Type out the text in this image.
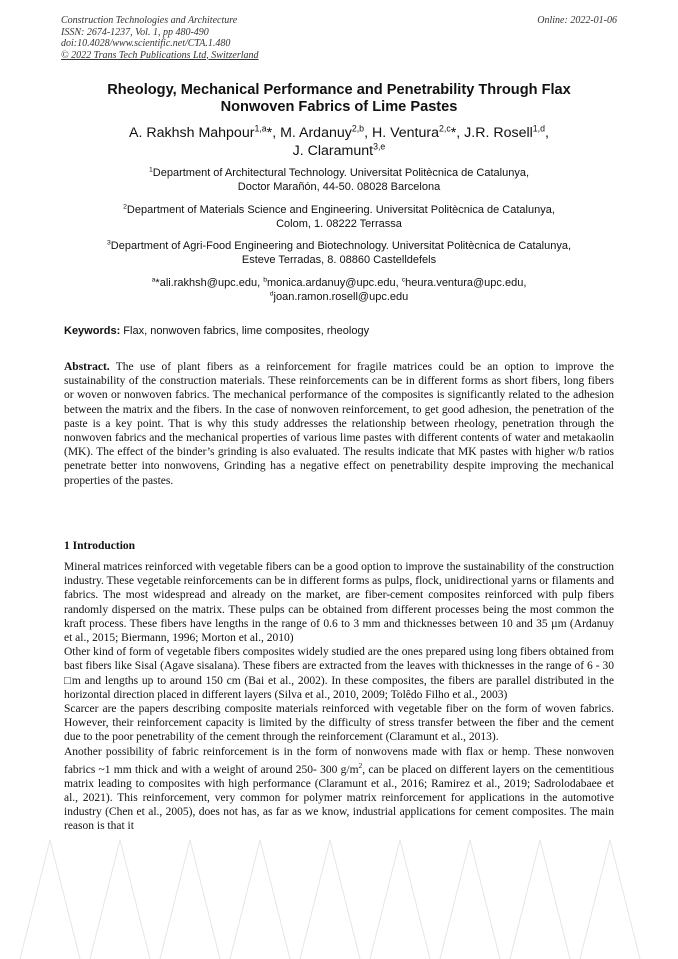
Construction Technologies and Architecture
ISSN: 2674-1237, Vol. 1, pp 480-490
doi:10.4028/www.scientific.net/CTA.1.480
© 2022 Trans Tech Publications Ltd, Switzerland
Online: 2022-01-06
Rheology, Mechanical Performance and Penetrability Through Flax
Nonwoven Fabrics of Lime Pastes
A. Rakhsh Mahpour$^{1,a}$*, M. Ardanuy$^{2,b}$, H. Ventura$^{2,c}$*, J.R. Rosell$^{1,d}$,
J. Claramunt$^{3,e}$
$^1$Department of Architectural Technology. Universitat Politècnica de Catalunya,
Doctor Marañón, 44-50. 08028 Barcelona
$^2$Department of Materials Science and Engineering. Universitat Politècnica de Catalunya,
Colom, 1. 08222 Terrassa
$^3$Department of Agri-Food Engineering and Biotechnology. Universitat Politècnica de Catalunya,
Esteve Terradas, 8. 08860 Castelldefels
$^a$*ali.rakhsh@upc.edu, $^b$monica.ardanuy@upc.edu, $^c$heura.ventura@upc.edu,
$^d$joan.ramon.rosell@upc.edu
Keywords: Flax, nonwoven fabrics, lime composites, rheology

Abstract. The use of plant fibers as a reinforcement for fragile matrices could be an option to improve the sustainability of the construction materials. These reinforcements can be in different forms as short fibers, long fibers or woven or nonwoven fabrics. The mechanical performance of the composites is significantly related to the adhesion between the matrix and the fibers. In the case of nonwoven reinforcement, to get good adhesion, the penetration of the paste is a key point. That is why this study addresses the relationship between rheology, penetration through the nonwoven fabrics and the mechanical properties of various lime pastes with different contents of water and metakaolin (MK). The effect of the binder’s grinding is also evaluated. The results indicate that MK pastes with higher w/b ratios penetrate better into nonwovens, Grinding has a negative effect on penetrability despite improving the mechanical properties of the pastes.

1 Introduction

Mineral matrices reinforced with vegetable fibers can be a good option to improve the sustainability of the construction industry. These vegetable reinforcements can be in different forms as pulps, flock, unidirectional yarns or filaments and fabrics. The most widespread and already on the market, are fiber-cement composites reinforced with pulp fibers randomly dispersed on the matrix. These pulps can be obtained from different processes being the most common the kraft process. These fibers have lengths in the range of 0.6 to 3 mm and thicknesses between 10 and 35 µm (Ardanuy et al., 2015; Biermann, 1996; Morton et al., 2010)

Other kind of form of vegetable fibers composites widely studied are the ones prepared using long fibers obtained from bast fibers like Sisal (Agave sisalana). These fibers are extracted from the leaves with thicknesses in the range of 6 - 30 □m and lengths up to around 150 cm (Bai et al., 2002). In these composites, the fibers are parallel distributed in the horizontal direction placed in different layers (Silva et al., 2010, 2009; Tolêdo Filho et al., 2003)

Scarcer are the papers describing composite materials reinforced with vegetable fiber on the form of woven fabrics. However, their reinforcement capacity is limited by the difficulty of stress transfer between the fiber and the cement due to the poor penetrability of the cement through the reinforcement (Claramunt et al., 2013).

Another possibility of fabric reinforcement is in the form of nonwovens made with flax or hemp. These nonwoven fabrics ~1 mm thick and with a weight of around 250- 300 $g/m^2$, can be placed on different layers on the cementitious matrix leading to composites with high performance (Claramunt et al., 2016; Ramirez et al., 2019; Sadrolodabaee et al., 2021). This reinforcement, very common for polymer matrix reinforcement for applications in the automotive industry (Chen et al., 2005), does not has, as far as we know, industrial applications for cement composites. The main reason is that it
